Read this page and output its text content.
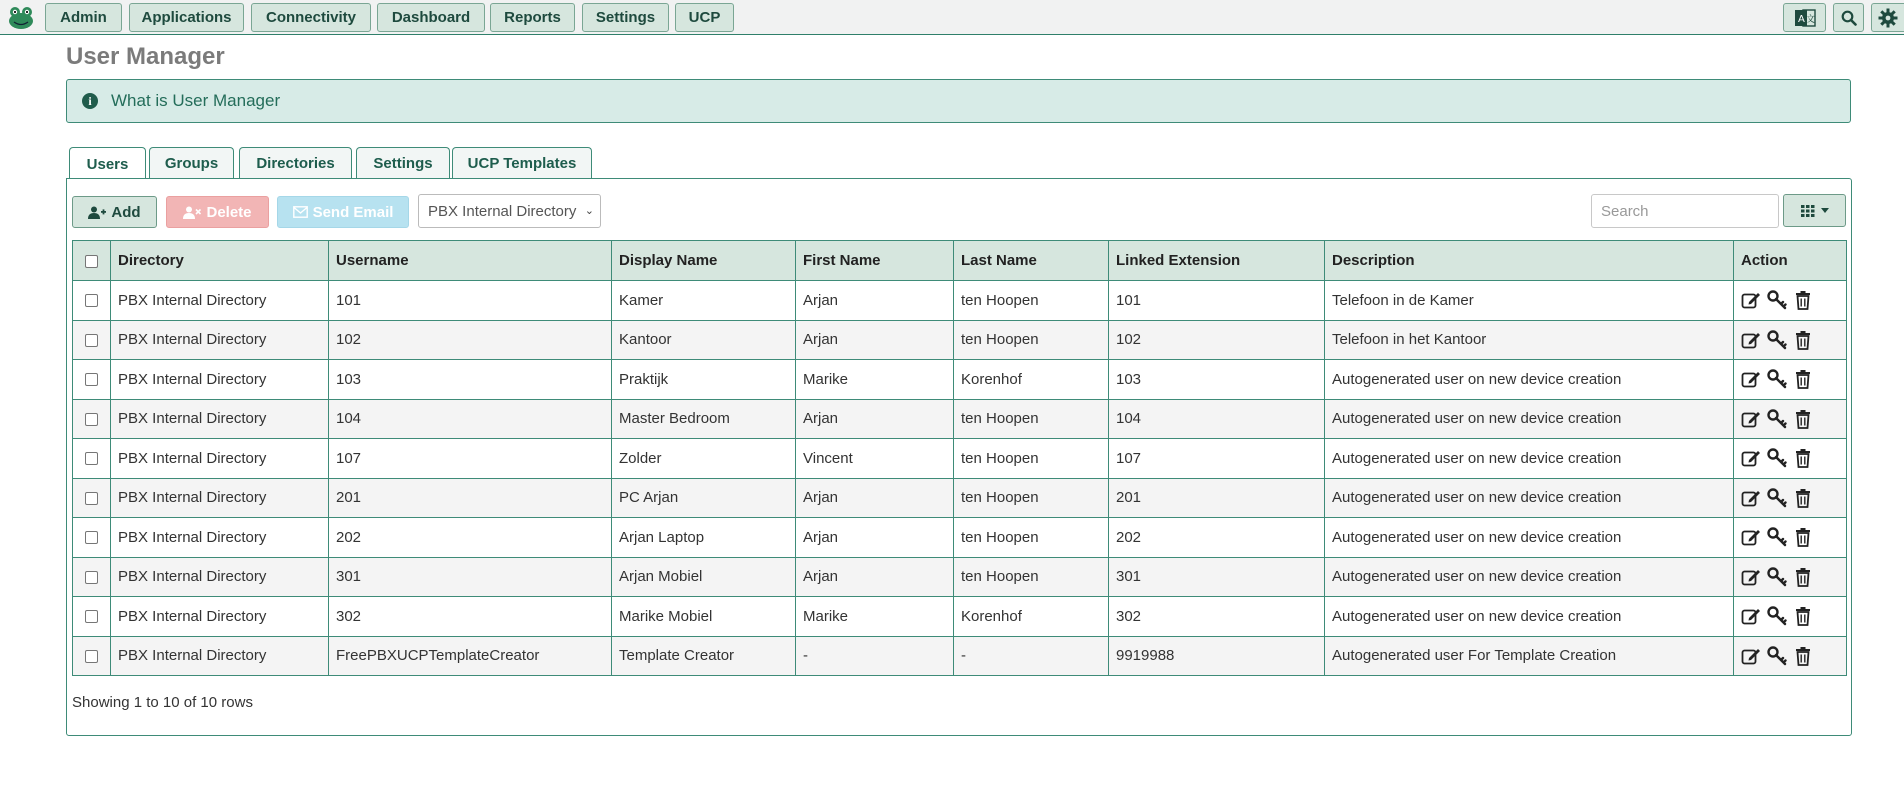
Admin	Applications	Connectivity	Dashboard	Reports	Settings	UCP	A 文
User Manager
i	What is User Manager
Users	Groups	Directories	Settings	UCP Templates
Add	Delete	Send Email PBX Internal Directory ⌄
Search
	Directory	Username	Display Name	First Name	Last Name	Linked Extension	Description	Action
	PBX Internal Directory	101	Kamer	Arjan	ten Hoopen	101	Telefoon in de Kamer	

	PBX Internal Directory	102	Kantoor	Arjan	ten Hoopen	102	Telefoon in het Kantoor	

	PBX Internal Directory	103	Praktijk	Marike	Korenhof	103	Autogenerated user on new device creation	

	PBX Internal Directory	104	Master Bedroom	Arjan	ten Hoopen	104	Autogenerated user on new device creation	

	PBX Internal Directory	107	Zolder	Vincent	ten Hoopen	107	Autogenerated user on new device creation	

	PBX Internal Directory	201	PC Arjan	Arjan	ten Hoopen	201	Autogenerated user on new device creation	

	PBX Internal Directory	202	Arjan Laptop	Arjan	ten Hoopen	202	Autogenerated user on new device creation	

	PBX Internal Directory	301	Arjan Mobiel	Arjan	ten Hoopen	301	Autogenerated user on new device creation	

	PBX Internal Directory	302	Marike Mobiel	Marike	Korenhof	302	Autogenerated user on new device creation	

	PBX Internal Directory	FreePBXUCPTemplateCreator	Template Creator	-	-	9919988	Autogenerated user For Template Creation	
Showing 1 to 10 of 10 rows
